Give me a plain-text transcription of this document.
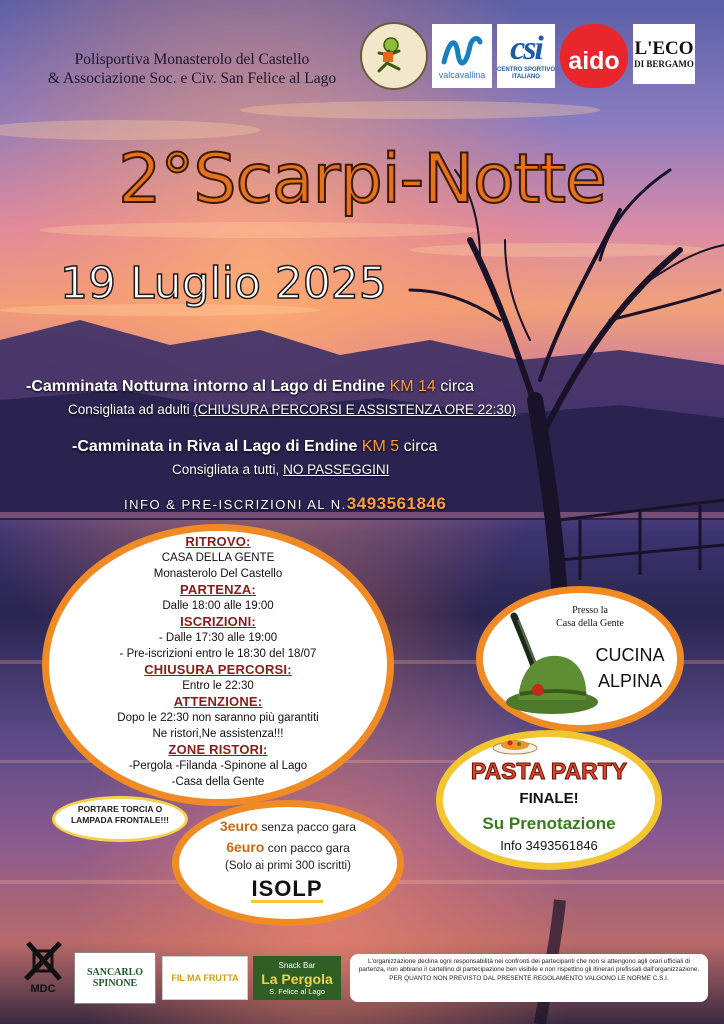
Polisportiva Monasterolo del Castello
& Associazione Soc. e Civ. San Felice al Lago	valcavallina
csi
CENTRO SPORTIVO ITALIANO
aido L'ECO
DI BERGAMO
2°Scarpi-Notte
19 Luglio 2025
-Camminata Notturna intorno al Lago di Endine KM 14 circa
Consigliata ad adulti (CHIUSURA PERCORSI E ASSISTENZA ORE 22:30)
-Camminata in Riva al Lago di Endine KM 5 circa
Consigliata a tutti, NO PASSEGGINI
INFO & PRE-ISCRIZIONI AL N.3493561846
RITROVO:
CASA DELLA GENTE
Monasterolo Del Castello
PARTENZA:
Dalle 18:00 alle 19:00
ISCRIZIONI:
- Dalle 17:30 alle 19:00
- Pre-iscrizioni entro le 18:30 del 18/07
CHIUSURA PERCORSI:
Entro le 22:30
ATTENZIONE:
Dopo le 22:30 non saranno più garantiti
Ne ristori,Ne assistenza!!!
ZONE RISTORI:
-Pergola -Filanda -Spinone al Lago
-Casa della Gente
PORTARE TORCIA O
LAMPADA FRONTALE!!!	3euro senza pacco gara
6euro con pacco gara
(Solo ai primi 300 iscritti)
ISOLP
Presso la
Casa della Gente
CUCINA
ALPINA
PASTA PARTY
FINALE!
Su Prenotazione
Info 3493561846
MDC
SANCARLO
SPINONE	FIL MA FRUTTA
Snack Bar
La Pergola
S. Felice al Lago
L'organizzazione declina ogni responsabilità nei confronti dei partecipanti che non si attengono agli orari ufficiali di partenza, non abbiano il cartellino di partecipazione ben visibile e non rispettino gli itinerari prefissati dall'organizzazione. PER QUANTO NON PREVISTO DAL PRESENTE REGOLAMENTO VALGONO LE NORME C.S.I.
